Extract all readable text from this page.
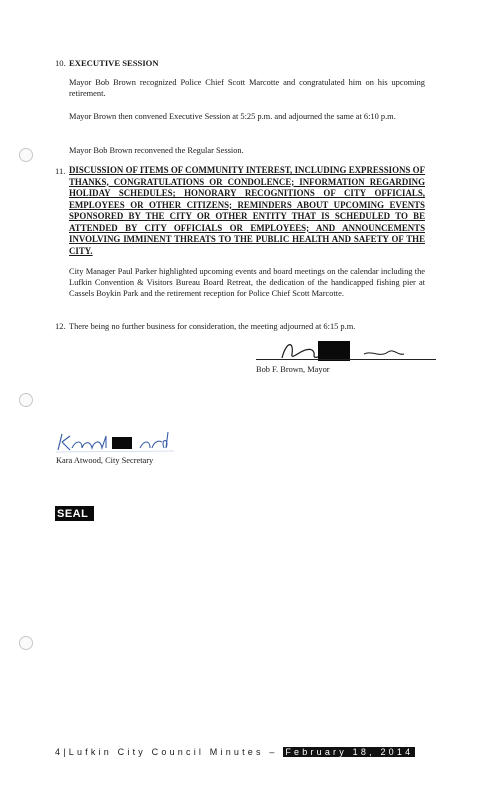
10. EXECUTIVE SESSION

Mayor Bob Brown recognized Police Chief Scott Marcotte and congratulated him on his upcoming retirement.

Mayor Brown then convened Executive Session at 5:25 p.m. and adjourned the same at 6:10 p.m.

Mayor Bob Brown reconvened the Regular Session.

11. DISCUSSION OF ITEMS OF COMMUNITY INTEREST, INCLUDING EXPRESSIONS OF THANKS, CONGRATULATIONS OR CONDOLENCE; INFORMATION REGARDING HOLIDAY SCHEDULES; HONORARY RECOGNITIONS OF CITY OFFICIALS, EMPLOYEES OR OTHER CITIZENS; REMINDERS ABOUT UPCOMING EVENTS SPONSORED BY THE CITY OR OTHER ENTITY THAT IS SCHEDULED TO BE ATTENDED BY CITY OFFICIALS OR EMPLOYEES; AND ANNOUNCEMENTS INVOLVING IMMINENT THREATS TO THE PUBLIC HEALTH AND SAFETY OF THE CITY.

City Manager Paul Parker highlighted upcoming events and board meetings on the calendar including the Lufkin Convention & Visitors Bureau Board Retreat, the dedication of the handicapped fishing pier at Cassels Boykin Park and the retirement reception for Police Chief Scott Marcotte.

12. There being no further business for consideration, the meeting adjourned at 6:15 p.m.
Bob F. Brown, Mayor
Kara Atwood, City Secretary
SEAL
4|Lufkin City Council Minutes – February 18, 2014
